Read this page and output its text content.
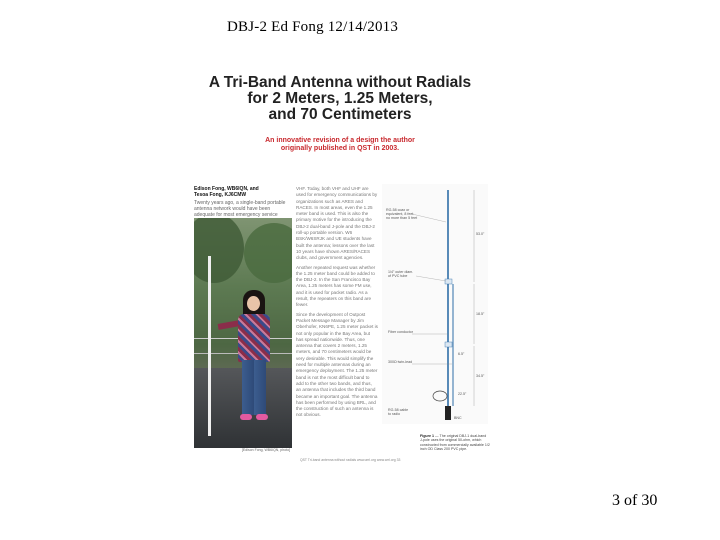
DBJ-2 Ed Fong 12/14/2013
A Tri-Band Antenna without Radials
for 2 Meters, 1.25 Meters,
and 70 Centimeters
An innovative revision of a design the author
originally published in QST in 2003.
Edison Fong, WB6IQN, and
Tesoa Fong, KJ6CMW
Twenty years ago, a single-band portable antenna network would have been adequate for most emergency service
[Edison Fong, WB6IQN, photo]

VHF. Today, both VHF and UHF are used for emergency communications by organizations such as ARES and RACES. In most areas, even the 1.25 meter band is used. This is also the primary motive for the introducing the DBJ-2 dual-band J-pole and the DBJ-2 roll-up portable version. W6 BSK/W6SRJK and UE students have built the antenna; lessons over the last 10 years have shown ARES/RACES clubs, and government agencies.

Another repeated request was whether the 1.25 meter band could be added to the DBJ-2. In the San Francisco Bay Area, 1.25 meters has some FM use, and it is used for packet radio. As a result, the repeaters on this band are fewer.

Since the development of Outpost Packet Message Manager by Jim Oberhofer, KN6PE, 1.25 meter packet is not only popular in the Bay Area, but has spread nationwide. Thus, one antenna that covers 2 meters, 1.25 meters, and 70 centimeters would be very desirable. This would simplify the need for multiple antennas during an emergency deployment. The 1.25 meter band is not the most difficult band to add to the other two bands, and thus, an antenna that includes the third band became an important goal. The antenna has been performed by using BRL, and the construction of such an antenna is not obvious.

RG-58 coax or
equivalent, 8 feet
no more than 5 feet
53.0"
1/4" outer diam.
of PVC tube
18.5"
Fiber conductor
34.5"
300Ω twin-lead
6.5"
22.5"
BNC
RG-58 cable
to radio
Figure 1 — The original DBJ-1 dual-band J-pole uses the original 50-ohm, which constructed from commercially available 1/2 inch OD Class 200 PVC pipe.
QST Tri-band antenna without radials www.arrl.org www.arrl.org 33
3 of 30
